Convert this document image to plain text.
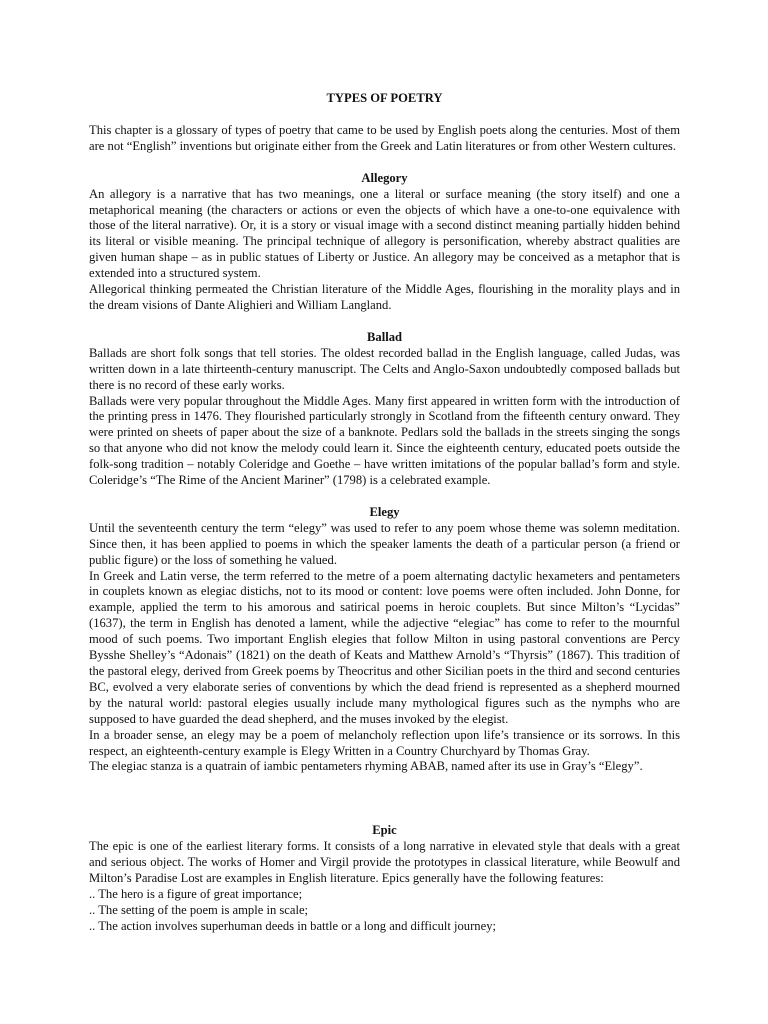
TYPES OF POETRY

This chapter is a glossary of types of poetry that came to be used by English poets along the centuries. Most of them are not “English” inventions but originate either from the Greek and Latin literatures or from other Western cultures.

Allegory

An allegory is a narrative that has two meanings, one a literal or surface meaning (the story itself) and one a metaphorical meaning (the characters or actions or even the objects of which have a one-to-one equivalence with those of the literal narrative). Or, it is a story or visual image with a second distinct meaning partially hidden behind its literal or visible meaning. The principal technique of allegory is personification, whereby abstract qualities are given human shape – as in public statues of Liberty or Justice. An allegory may be conceived as a metaphor that is extended into a structured system.

Allegorical thinking permeated the Christian literature of the Middle Ages, flourishing in the morality plays and in the dream visions of Dante Alighieri and William Langland.

Ballad

Ballads are short folk songs that tell stories. The oldest recorded ballad in the English language, called Judas, was written down in a late thirteenth-century manuscript. The Celts and Anglo-Saxon undoubtedly composed ballads but there is no record of these early works.

Ballads were very popular throughout the Middle Ages. Many first appeared in written form with the introduction of the printing press in 1476. They flourished particularly strongly in Scotland from the fifteenth century onward. They were printed on sheets of paper about the size of a banknote. Pedlars sold the ballads in the streets singing the songs so that anyone who did not know the melody could learn it. Since the eighteenth century, educated poets outside the folk-song tradition – notably Coleridge and Goethe – have written imitations of the popular ballad’s form and style. Coleridge’s “The Rime of the Ancient Mariner” (1798) is a celebrated example.

Elegy

Until the seventeenth century the term “elegy” was used to refer to any poem whose theme was solemn meditation. Since then, it has been applied to poems in which the speaker laments the death of a particular person (a friend or public figure) or the loss of something he valued.

In Greek and Latin verse, the term referred to the metre of a poem alternating dactylic hexameters and pentameters in couplets known as elegiac distichs, not to its mood or content: love poems were often included. John Donne, for example, applied the term to his amorous and satirical poems in heroic couplets. But since Milton’s “Lycidas” (1637), the term in English has denoted a lament, while the adjective “elegiac” has come to refer to the mournful mood of such poems. Two important English elegies that follow Milton in using pastoral conventions are Percy Bysshe Shelley’s “Adonais” (1821) on the death of Keats and Matthew Arnold’s “Thyrsis” (1867). This tradition of the pastoral elegy, derived from Greek poems by Theocritus and other Sicilian poets in the third and second centuries BC, evolved a very elaborate series of conventions by which the dead friend is represented as a shepherd mourned by the natural world: pastoral elegies usually include many mythological figures such as the nymphs who are supposed to have guarded the dead shepherd, and the muses invoked by the elegist.

In a broader sense, an elegy may be a poem of melancholy reflection upon life’s transience or its sorrows. In this respect, an eighteenth-century example is Elegy Written in a Country Churchyard by Thomas Gray.

The elegiac stanza is a quatrain of iambic pentameters rhyming ABAB, named after its use in Gray’s “Elegy”.

Epic

The epic is one of the earliest literary forms. It consists of a long narrative in elevated style that deals with a great and serious object. The works of Homer and Virgil provide the prototypes in classical literature, while Beowulf and Milton’s Paradise Lost are examples in English literature. Epics generally have the following features:

.. The hero is a figure of great importance;

.. The setting of the poem is ample in scale;

.. The action involves superhuman deeds in battle or a long and difficult journey;
